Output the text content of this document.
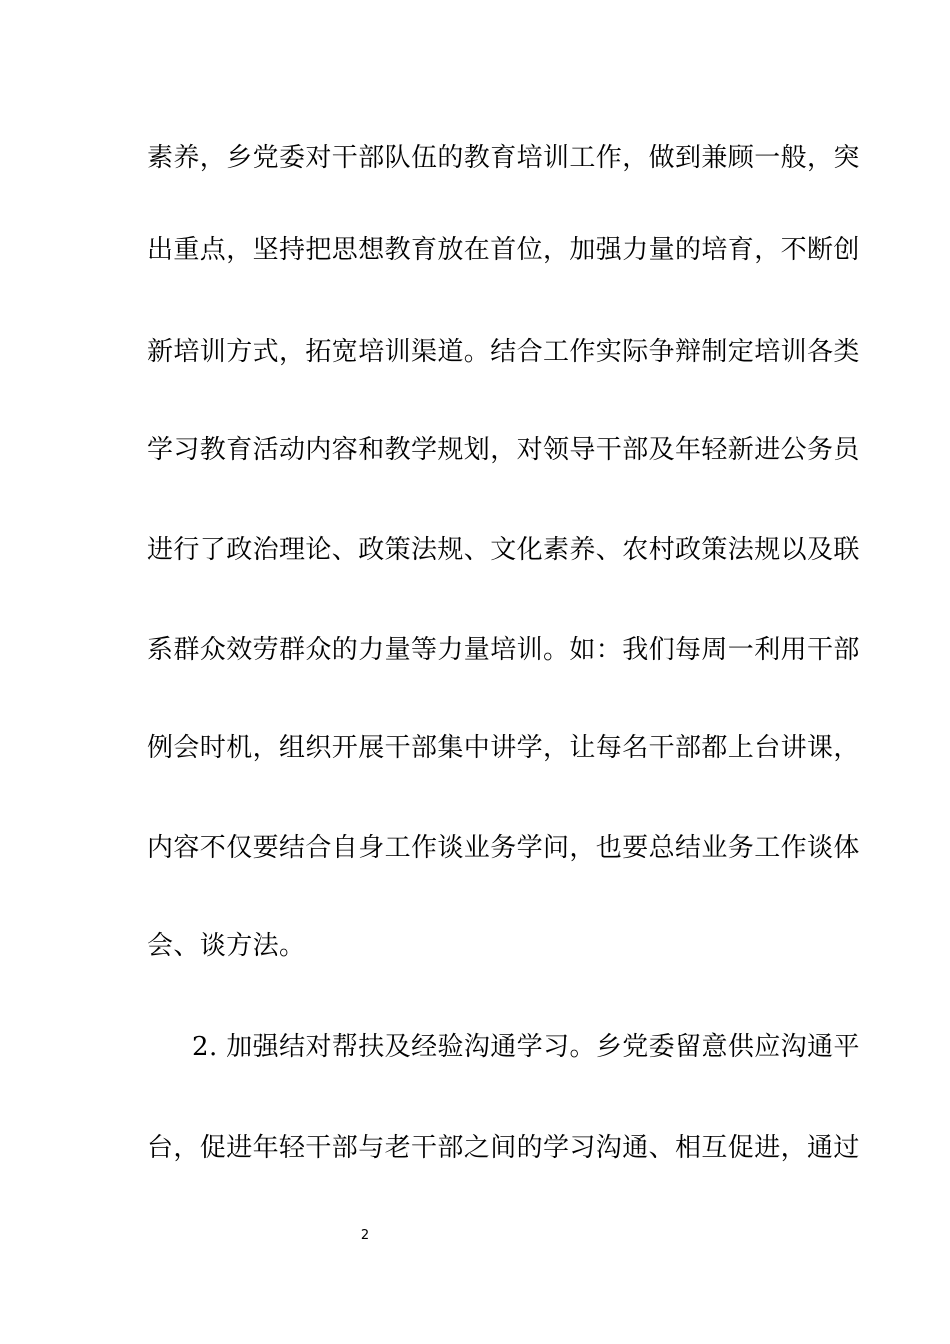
素养，乡党委对干部队伍的教育培训工作，做到兼顾一般，突
出重点，坚持把思想教育放在首位，加强力量的培育，不断创
新培训方式，拓宽培训渠道。结合工作实际争辩制定培训各类
学习教育活动内容和教学规划，对领导干部及年轻新进公务员
进行了政治理论、政策法规、文化素养、农村政策法规以及联
系群众效劳群众的力量等力量培训。如：我们每周一利用干部
例会时机，组织开展干部集中讲学，让每名干部都上台讲课，
内容不仅要结合自身工作谈业务学问，也要总结业务工作谈体
会、谈方法。
2. 加强结对帮扶及经验沟通学习。乡党委留意供应沟通平
台，促进年轻干部与老干部之间的学习沟通、相互促进，通过
2
